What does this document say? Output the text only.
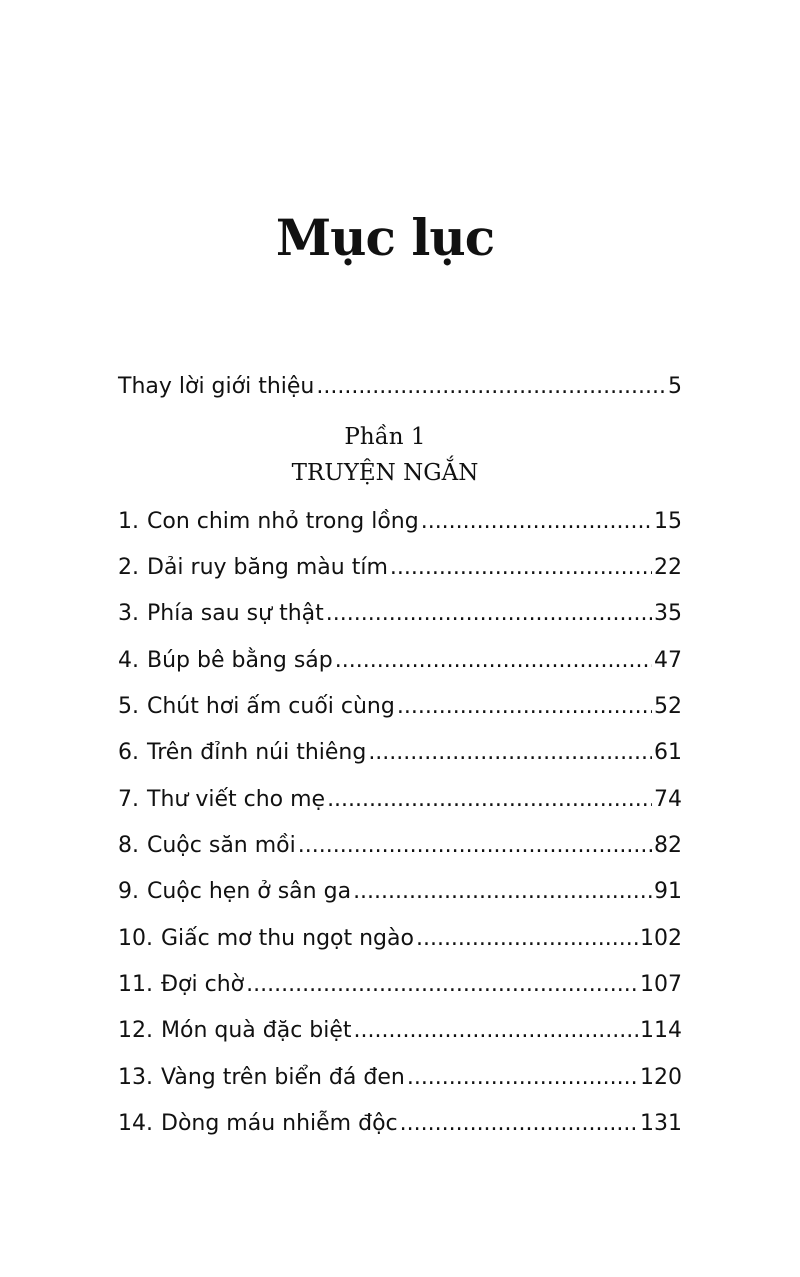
Mục lục
Thay lời giới thiệu .....	5
Phần 1
TRUYỆN NGẮN
1. Con chim nhỏ trong lồng .....	15
2. Dải ruy băng màu tím .....	22
3. Phía sau sự thật .....	35
4. Búp bê bằng sáp .....	47
5. Chút hơi ấm cuối cùng .....	52
6. Trên đỉnh núi thiêng .....	61
7. Thư viết cho mẹ .....	74
8. Cuộc săn mồi .....	82
9. Cuộc hẹn ở sân ga .....	91
10. Giấc mơ thu ngọt ngào .....	102
11. Đợi chờ .....	107
12. Món quà đặc biệt .....	114
13. Vàng trên biển đá đen .....	120
14. Dòng máu nhiễm độc .....	131
